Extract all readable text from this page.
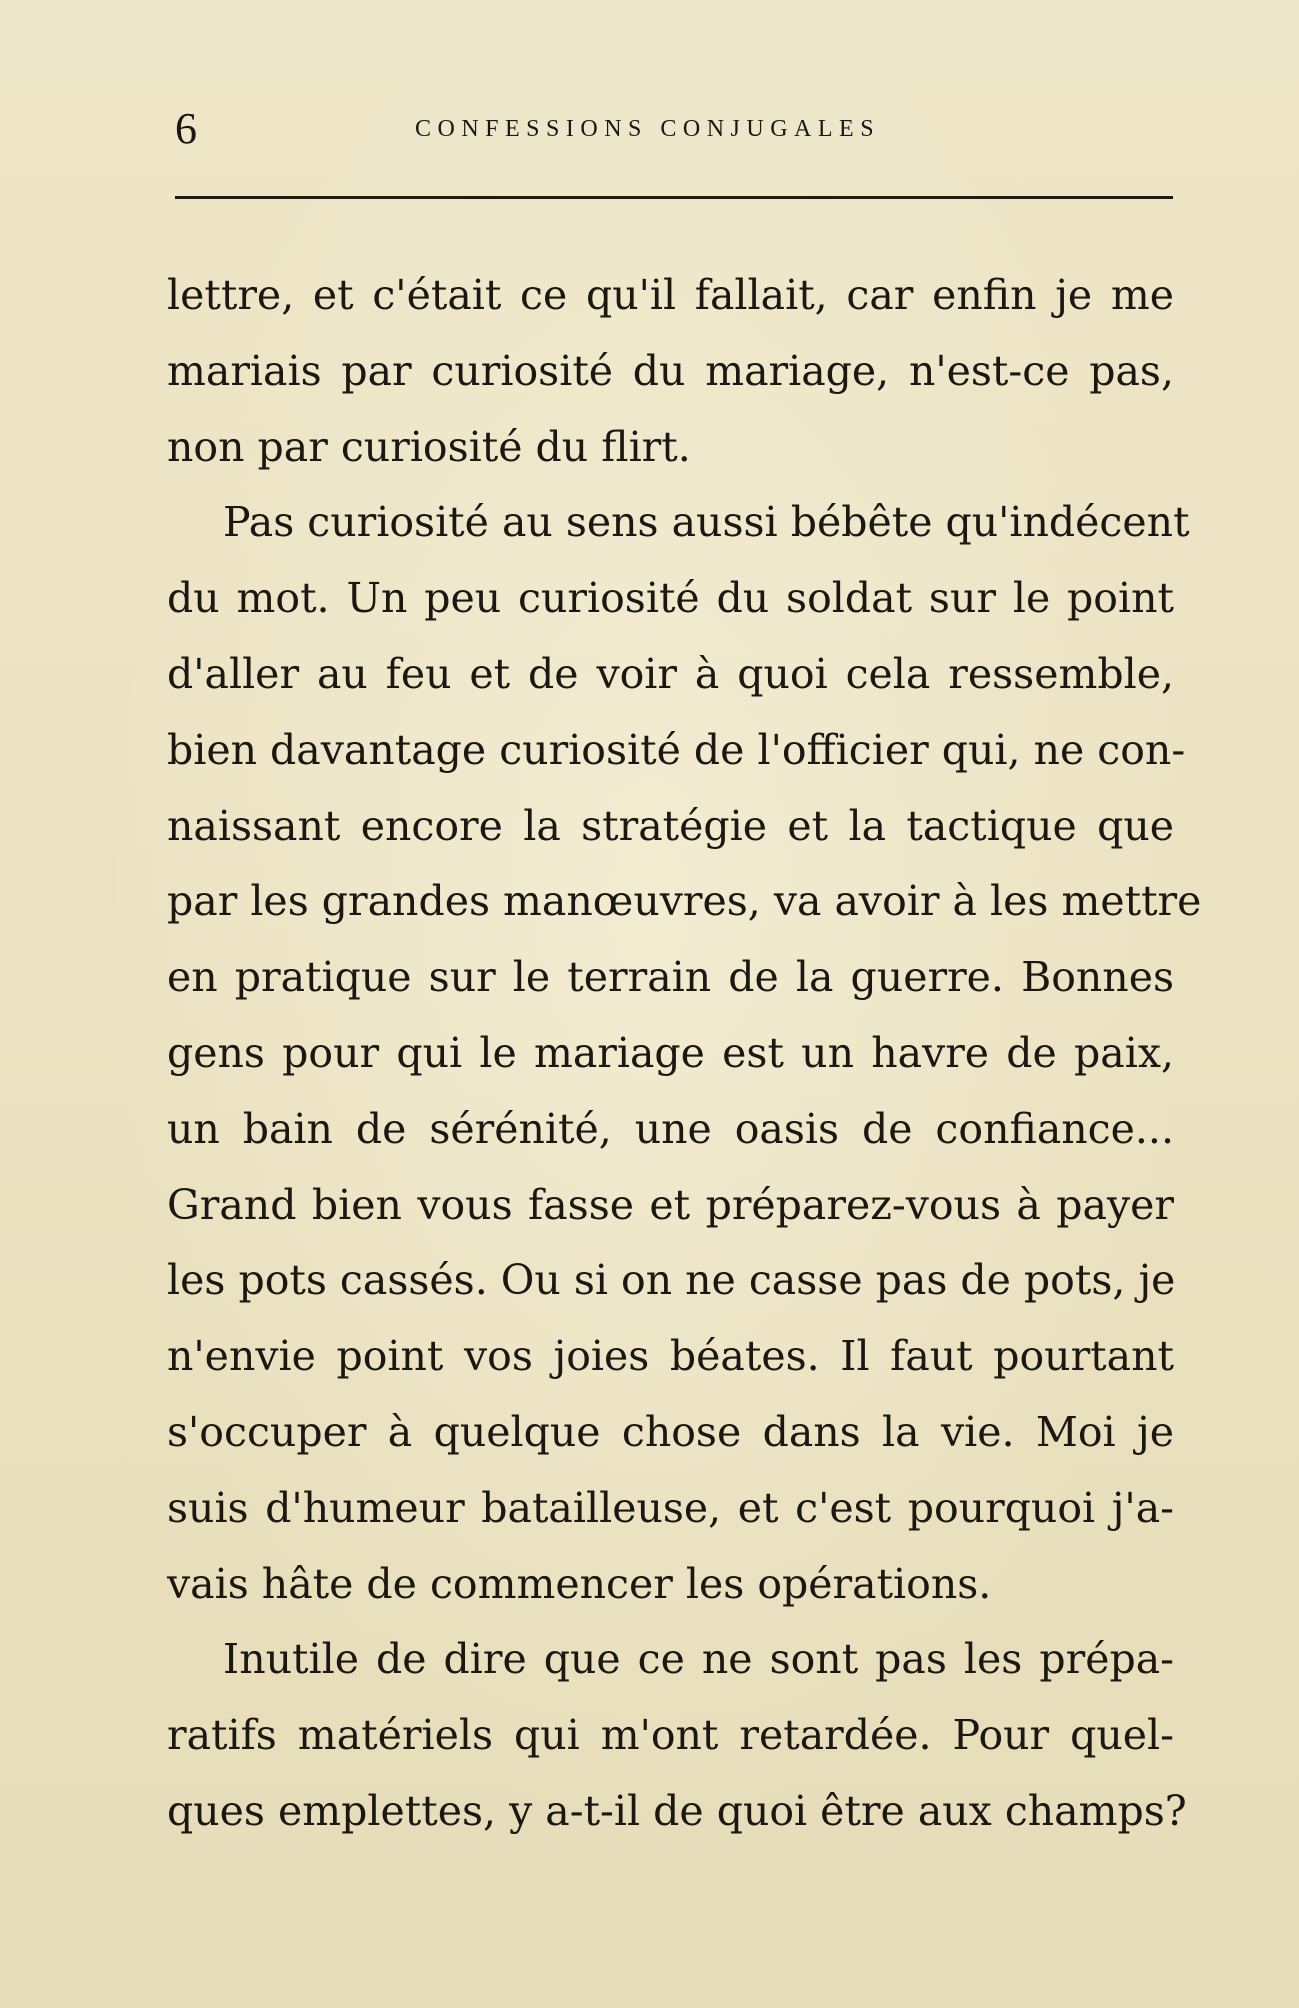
6	CONFESSIONS CONJUGALES
lettre, et c'était ce qu'il fallait, car enfin je me
mariais par curiosité du mariage, n'est-ce pas,
non par curiosité du flirt.
Pas curiosité au sens aussi bébête qu'indécent
du mot. Un peu curiosité du soldat sur le point
d'aller au feu et de voir à quoi cela ressemble,
bien davantage curiosité de l'officier qui, ne con-
naissant encore la stratégie et la tactique que
par les grandes manœuvres, va avoir à les mettre
en pratique sur le terrain de la guerre. Bonnes
gens pour qui le mariage est un havre de paix,
un bain de sérénité, une oasis de confiance...
Grand bien vous fasse et préparez-vous à payer
les pots cassés. Ou si on ne casse pas de pots, je
n'envie point vos joies béates. Il faut pourtant
s'occuper à quelque chose dans la vie. Moi je
suis d'humeur batailleuse, et c'est pourquoi j'a-
vais hâte de commencer les opérations.
Inutile de dire que ce ne sont pas les prépa-
ratifs matériels qui m'ont retardée. Pour quel-
ques emplettes, y a-t-il de quoi être aux champs?
